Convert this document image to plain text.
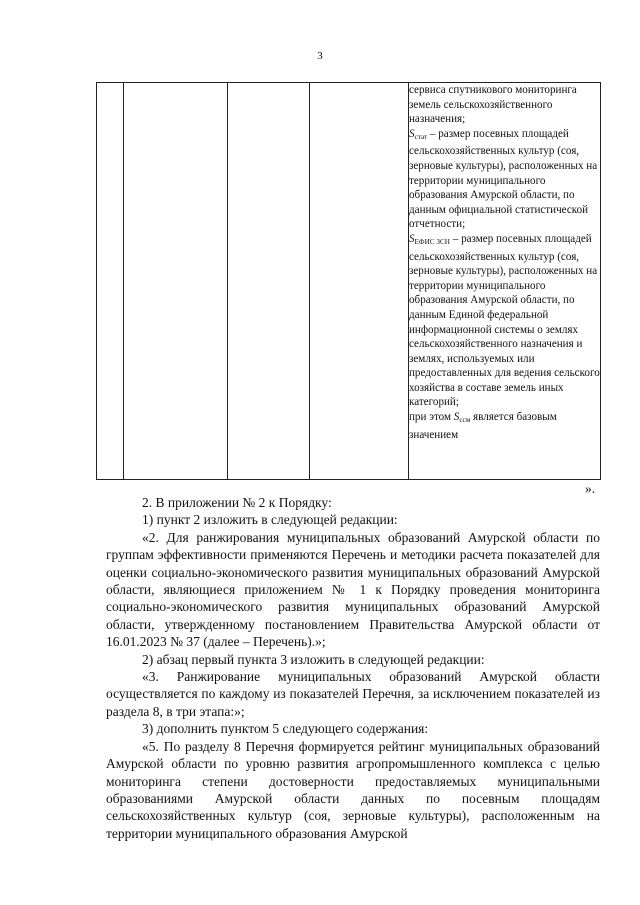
3

сервиса спутникового мониторинга земель сельскохозяйственного назначения;

$S_{стат}$ – размер посевных площадей сельскохозяйственных культур (соя, зерновые культуры), расположенных на территории муниципального образования Амурской области, по данным официальной статистической отчетности;

$S_{ЕФИС ЗСН}$ – размер посевных площадей сельскохозяйственных культур (соя, зерновые культуры), расположенных на территории муниципального образования Амурской области, по данным Единой федеральной информационной системы о землях сельскохозяйственного назначения и землях, используемых или предоставленных для ведения сельского хозяйства в составе земель иных категорий;

при этом $S_{ссм}$ является базовым значением

».

2. В приложении № 2 к Порядку:

1) пункт 2 изложить в следующей редакции:

«2. Для ранжирования муниципальных образований Амурской области по группам эффективности применяются Перечень и методики расчета показателей для оценки социально-экономического развития муниципальных образований Амурской области, являющиеся приложением № 1 к Порядку проведения мониторинга социально-экономического развития муниципальных образований Амурской области, утвержденному постановлением Правительства Амурской области от 16.01.2023 № 37 (далее – Перечень).»;

2) абзац первый пункта 3 изложить в следующей редакции:

«3. Ранжирование муниципальных образований Амурской области осуществляется по каждому из показателей Перечня, за исключением показателей из раздела 8, в три этапа:»;

3) дополнить пунктом 5 следующего содержания:

«5. По разделу 8 Перечня формируется рейтинг муниципальных образований Амурской области по уровню развития агропромышленного комплекса с целью мониторинга степени достоверности предоставляемых муниципальными образованиями Амурской области данных по посевным площадям сельскохозяйственных культур (соя, зерновые культуры), расположенным на территории муниципального образования Амурской
